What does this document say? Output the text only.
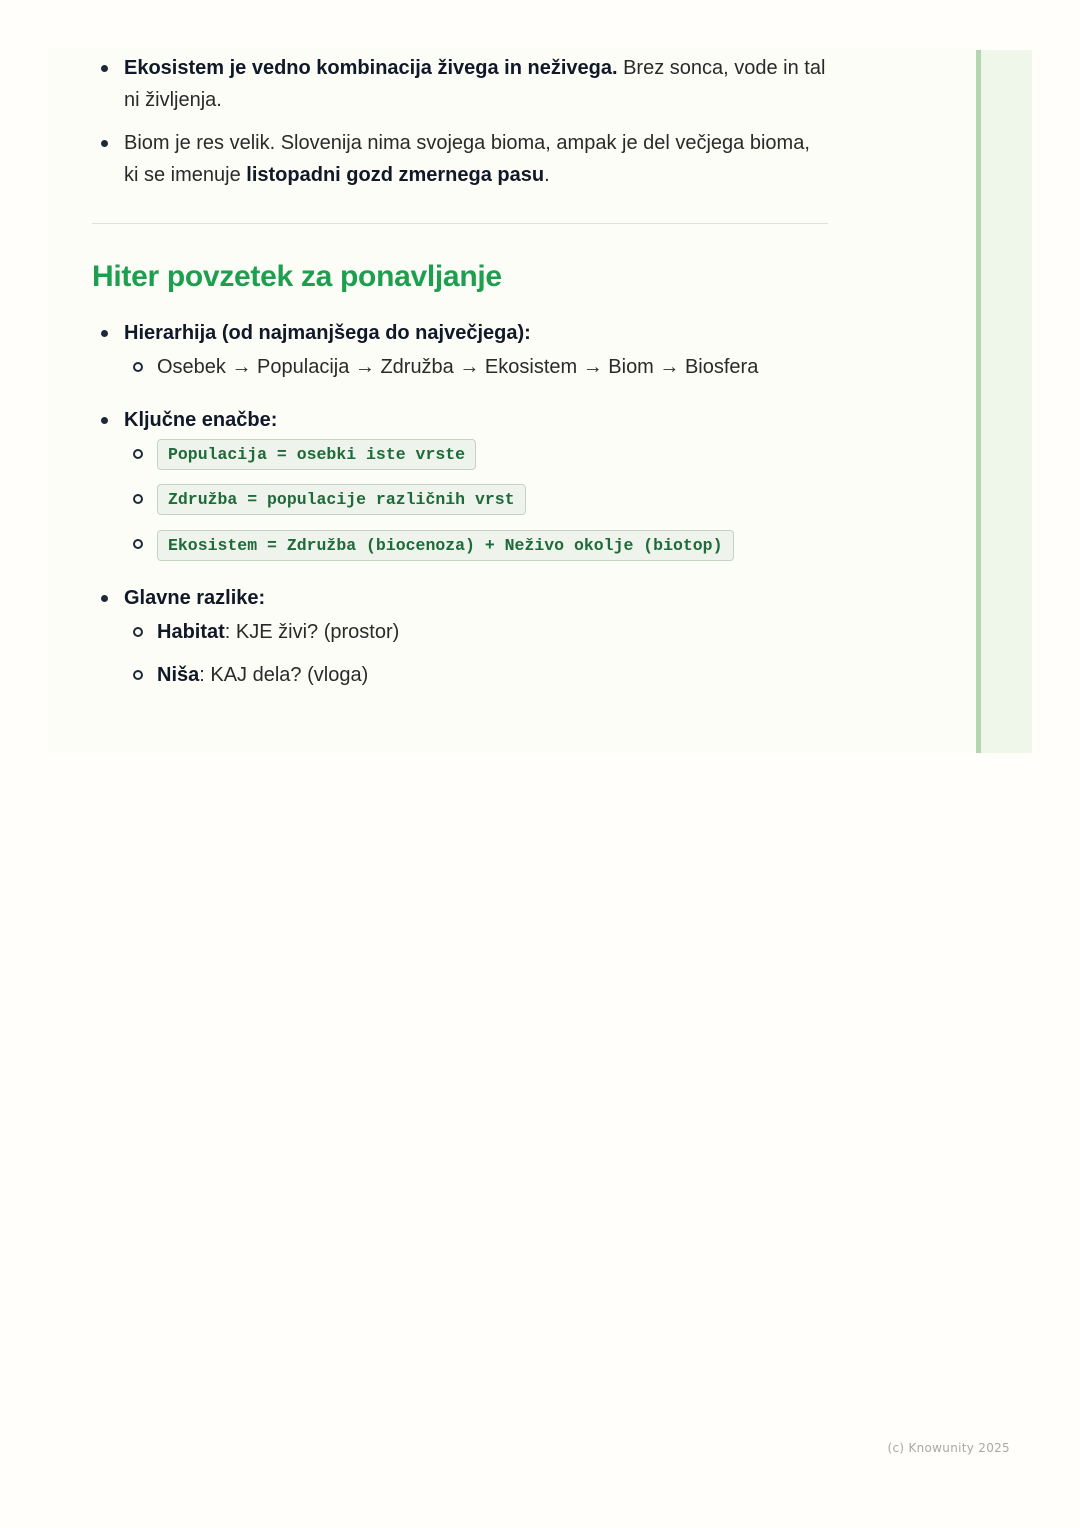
Ekosistem je vedno kombinacija živega in neživega. Brez sonca, vode in tal ni življenja.
Biom je res velik. Slovenija nima svojega bioma, ampak je del večjega bioma, ki se imenuje listopadni gozd zmernega pasu.
Hiter povzetek za ponavljanje
Hierarhija (od najmanjšega do največjega):
Osebek → Populacija → Združba → Ekosistem → Biom → Biosfera
Ključne enačbe:
Populacija = osebki iste vrste
Združba = populacije različnih vrst
Ekosistem = Združba (biocenoza) + Neživo okolje (biotop)
Glavne razlike:
Habitat: KJE živi? (prostor)
Niša: KAJ dela? (vloga)
(c) Knowunity 2025
